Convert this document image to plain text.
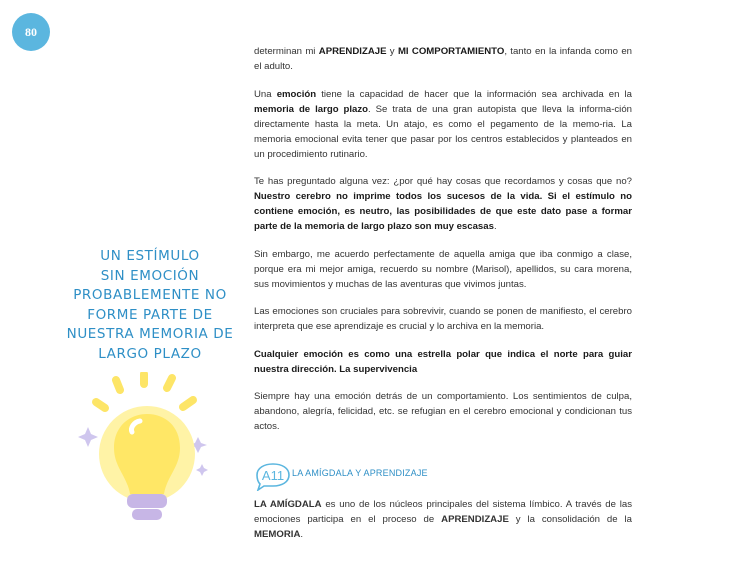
80
UN ESTÍMULO
SIN EMOCIÓN
PROBABLEMENTE NO
FORME PARTE DE
NUESTRA MEMORIA DE
LARGO PLAZO

determinan mi APRENDIZAJE y MI COMPORTAMIENTO, tanto en la infanda como en el adulto.

Una emoción tiene la capacidad de hacer que la información sea archivada en la memoria de largo plazo. Se trata de una gran autopista que lleva la informa-ción directamente hasta la meta. Un atajo, es como el pegamento de la memo-ria. La memoria emocional evita tener que pasar por los centros establecidos y planteados en un procedimiento rutinario.

Te has preguntado alguna vez: ¿por qué hay cosas que recordamos y cosas que no? Nuestro cerebro no imprime todos los sucesos de la vida. Si el estímulo no contiene emoción, es neutro, las posibilidades de que este dato pase a formar parte de la memoria de largo plazo son muy escasas.

Sin embargo, me acuerdo perfectamente de aquella amiga que iba conmigo a clase, porque era mi mejor amiga, recuerdo su nombre (Marisol), apellidos, su cara morena, sus movimientos y muchas de las aventuras que vivimos juntas.

Las emociones son cruciales para sobrevivir, cuando se ponen de manifiesto, el cerebro interpreta que ese aprendizaje es crucial y lo archiva en la memoria.

Cualquier emoción es como una estrella polar que indica el norte para guiar nuestra dirección. La supervivencia

Siempre hay una emoción detrás de un comportamiento. Los sentimientos de culpa, abandono, alegría, felicidad, etc. se refugian en el cerebro emocional y condicionan tus actos.

A11 LA AMÍGDALA Y APRENDIZAJE

LA AMÍGDALA es uno de los núcleos principales del sistema límbico. A través de las emociones participa en el proceso de APRENDIZAJE y la consolidación de la MEMORIA.
